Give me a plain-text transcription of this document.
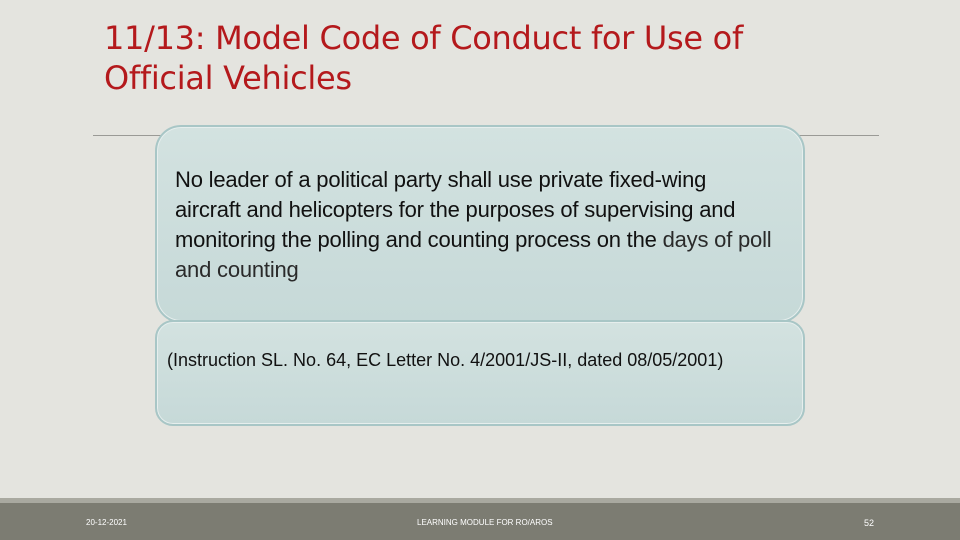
11/13: Model Code of Conduct for Use of
Official Vehicles

No leader of a political party shall use private fixed-wing aircraft and helicopters for the purposes of supervising and monitoring the polling and counting process on the days of poll and counting

(Instruction SL. No. 64, EC Letter No. 4/2001/JS-II, dated 08/05/2001)

20-12-2021	LEARNING MODULE FOR RO/AROS	52
